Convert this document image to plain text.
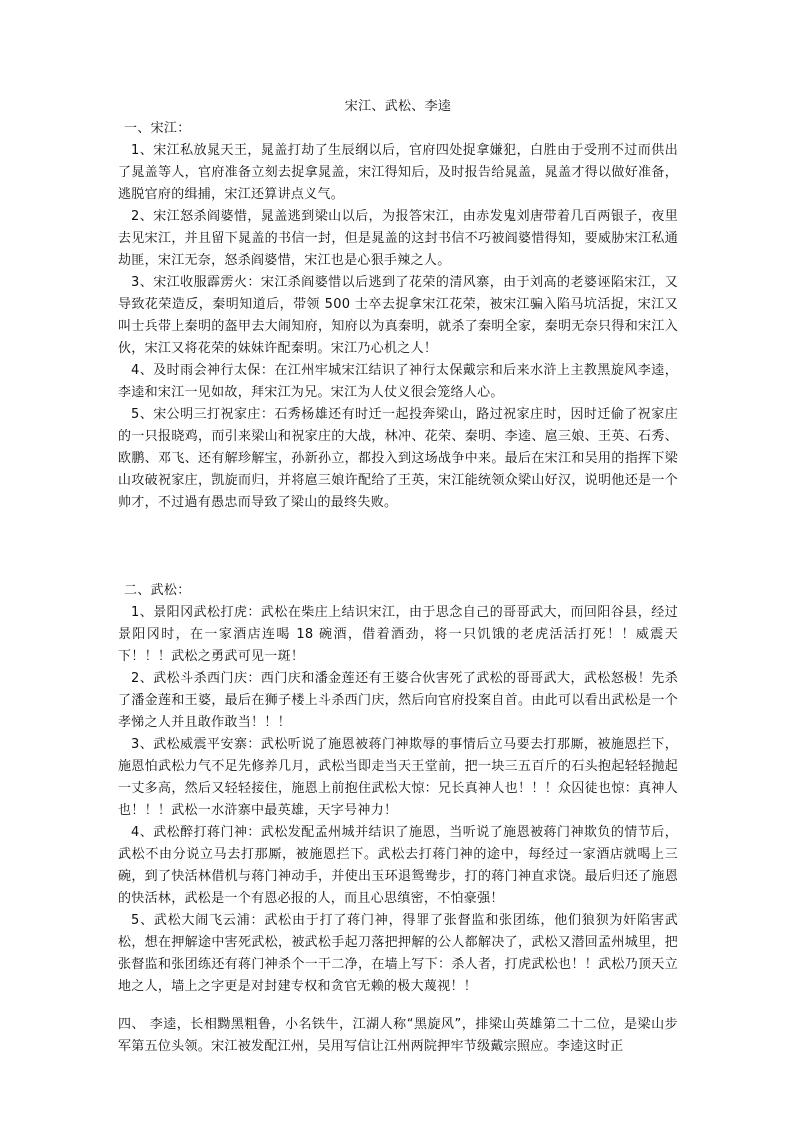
宋江、武松、李逵

一、宋江：

1、宋江私放晁天王，晁盖打劫了生辰纲以后，官府四处捉拿嫌犯，白胜由于受刑不过而供出了晁盖等人，官府准备立刻去捉拿晁盖，宋江得知后，及时报告给晁盖，晁盖才得以做好准备，逃脱官府的缉捕，宋江还算讲点义气。

2、宋江怒杀阎婆惜，晁盖逃到梁山以后，为报答宋江，由赤发鬼刘唐带着几百两银子，夜里去见宋江，并且留下晁盖的书信一封，但是晁盖的这封书信不巧被阎婆惜得知，要威胁宋江私通劫匪，宋江无奈，怒杀阎婆惜，宋江也是心狠手辣之人。

3、宋江收服霹雳火：宋江杀阎婆惜以后逃到了花荣的清风寨，由于刘高的老婆诬陷宋江，又导致花荣造反，秦明知道后，带领 500 士卒去捉拿宋江花荣，被宋江骗入陷马坑活捉，宋江又叫士兵带上秦明的盔甲去大闹知府，知府以为真秦明，就杀了秦明全家，秦明无奈只得和宋江入伙，宋江又将花荣的妹妹许配秦明。宋江乃心机之人！

4、及时雨会神行太保：在江州牢城宋江结识了神行太保戴宗和后来水浒上主教黑旋风李逵，李逵和宋江一见如故，拜宋江为兄。宋江为人仗义很会笼络人心。

5、宋公明三打祝家庄：石秀杨雄还有时迁一起投奔梁山，路过祝家庄时，因时迁偷了祝家庄的一只报晓鸡，而引来梁山和祝家庄的大战，林冲、花荣、秦明、李逵、扈三娘、王英、石秀、欧鹏、邓飞、还有解珍解宝，孙新孙立，都投入到这场战争中来。最后在宋江和吴用的指挥下梁山攻破祝家庄，凯旋而归，并将扈三娘许配给了王英，宋江能统领众梁山好汉，说明他还是一个帅才，不过過有愚忠而导致了梁山的最终失败。

二、武松：

1、景阳冈武松打虎：武松在柴庄上结识宋江，由于思念自己的哥哥武大，而回阳谷县，经过景阳冈时，在一家酒店连喝 18 碗酒，借着酒劲，将一只饥饿的老虎活活打死！！威震天下！！！武松之勇武可见一斑！

2、武松斗杀西门庆：西门庆和潘金莲还有王婆合伙害死了武松的哥哥武大，武松怒极！先杀了潘金莲和王婆，最后在狮子楼上斗杀西门庆，然后向官府投案自首。由此可以看出武松是一个孝悌之人并且敢作敢当！！！

3、武松威震平安寨：武松听说了施恩被蒋门神欺辱的事情后立马要去打那厮，被施恩拦下，施恩怕武松力气不足先修养几月，武松当即走当天王堂前，把一块三五百斤的石头抱起轻轻抛起一丈多高，然后又轻轻接住，施恩上前抱住武松大惊：兄长真神人也！！！众囚徒也惊：真神人也！！！武松一水浒寨中最英雄，天字号神力！

4、武松醉打蒋门神：武松发配孟州城并结识了施恩，当听说了施恩被蒋门神欺负的情节后，武松不由分说立马去打那厮，被施恩拦下。武松去打蒋门神的途中，每经过一家酒店就喝上三碗，到了快活林借机与蒋门神动手，并使出玉环退鸳鸯步，打的蒋门神直求饶。最后归还了施恩的快活林，武松是一个有恩必报的人，而且心思缜密，不怕豪强！

5、武松大闹飞云浦：武松由于打了蒋门神，得罪了张督监和张团练，他们狼狈为奸陷害武松，想在押解途中害死武松，被武松手起刀落把押解的公人都解决了，武松又潜回孟州城里，把张督监和张团练还有蒋门神杀个一干二净，在墙上写下：杀人者，打虎武松也！！武松乃顶天立地之人，墙上之字更是对封建专权和贪官无赖的极大蔑视！！

四、 李逵，长相黝黑粗鲁，小名铁牛，江湖人称“黑旋风”，排梁山英雄第二十二位，是梁山步军第五位头领。宋江被发配江州，吴用写信让江州两院押牢节级戴宗照应。李逵这时正
